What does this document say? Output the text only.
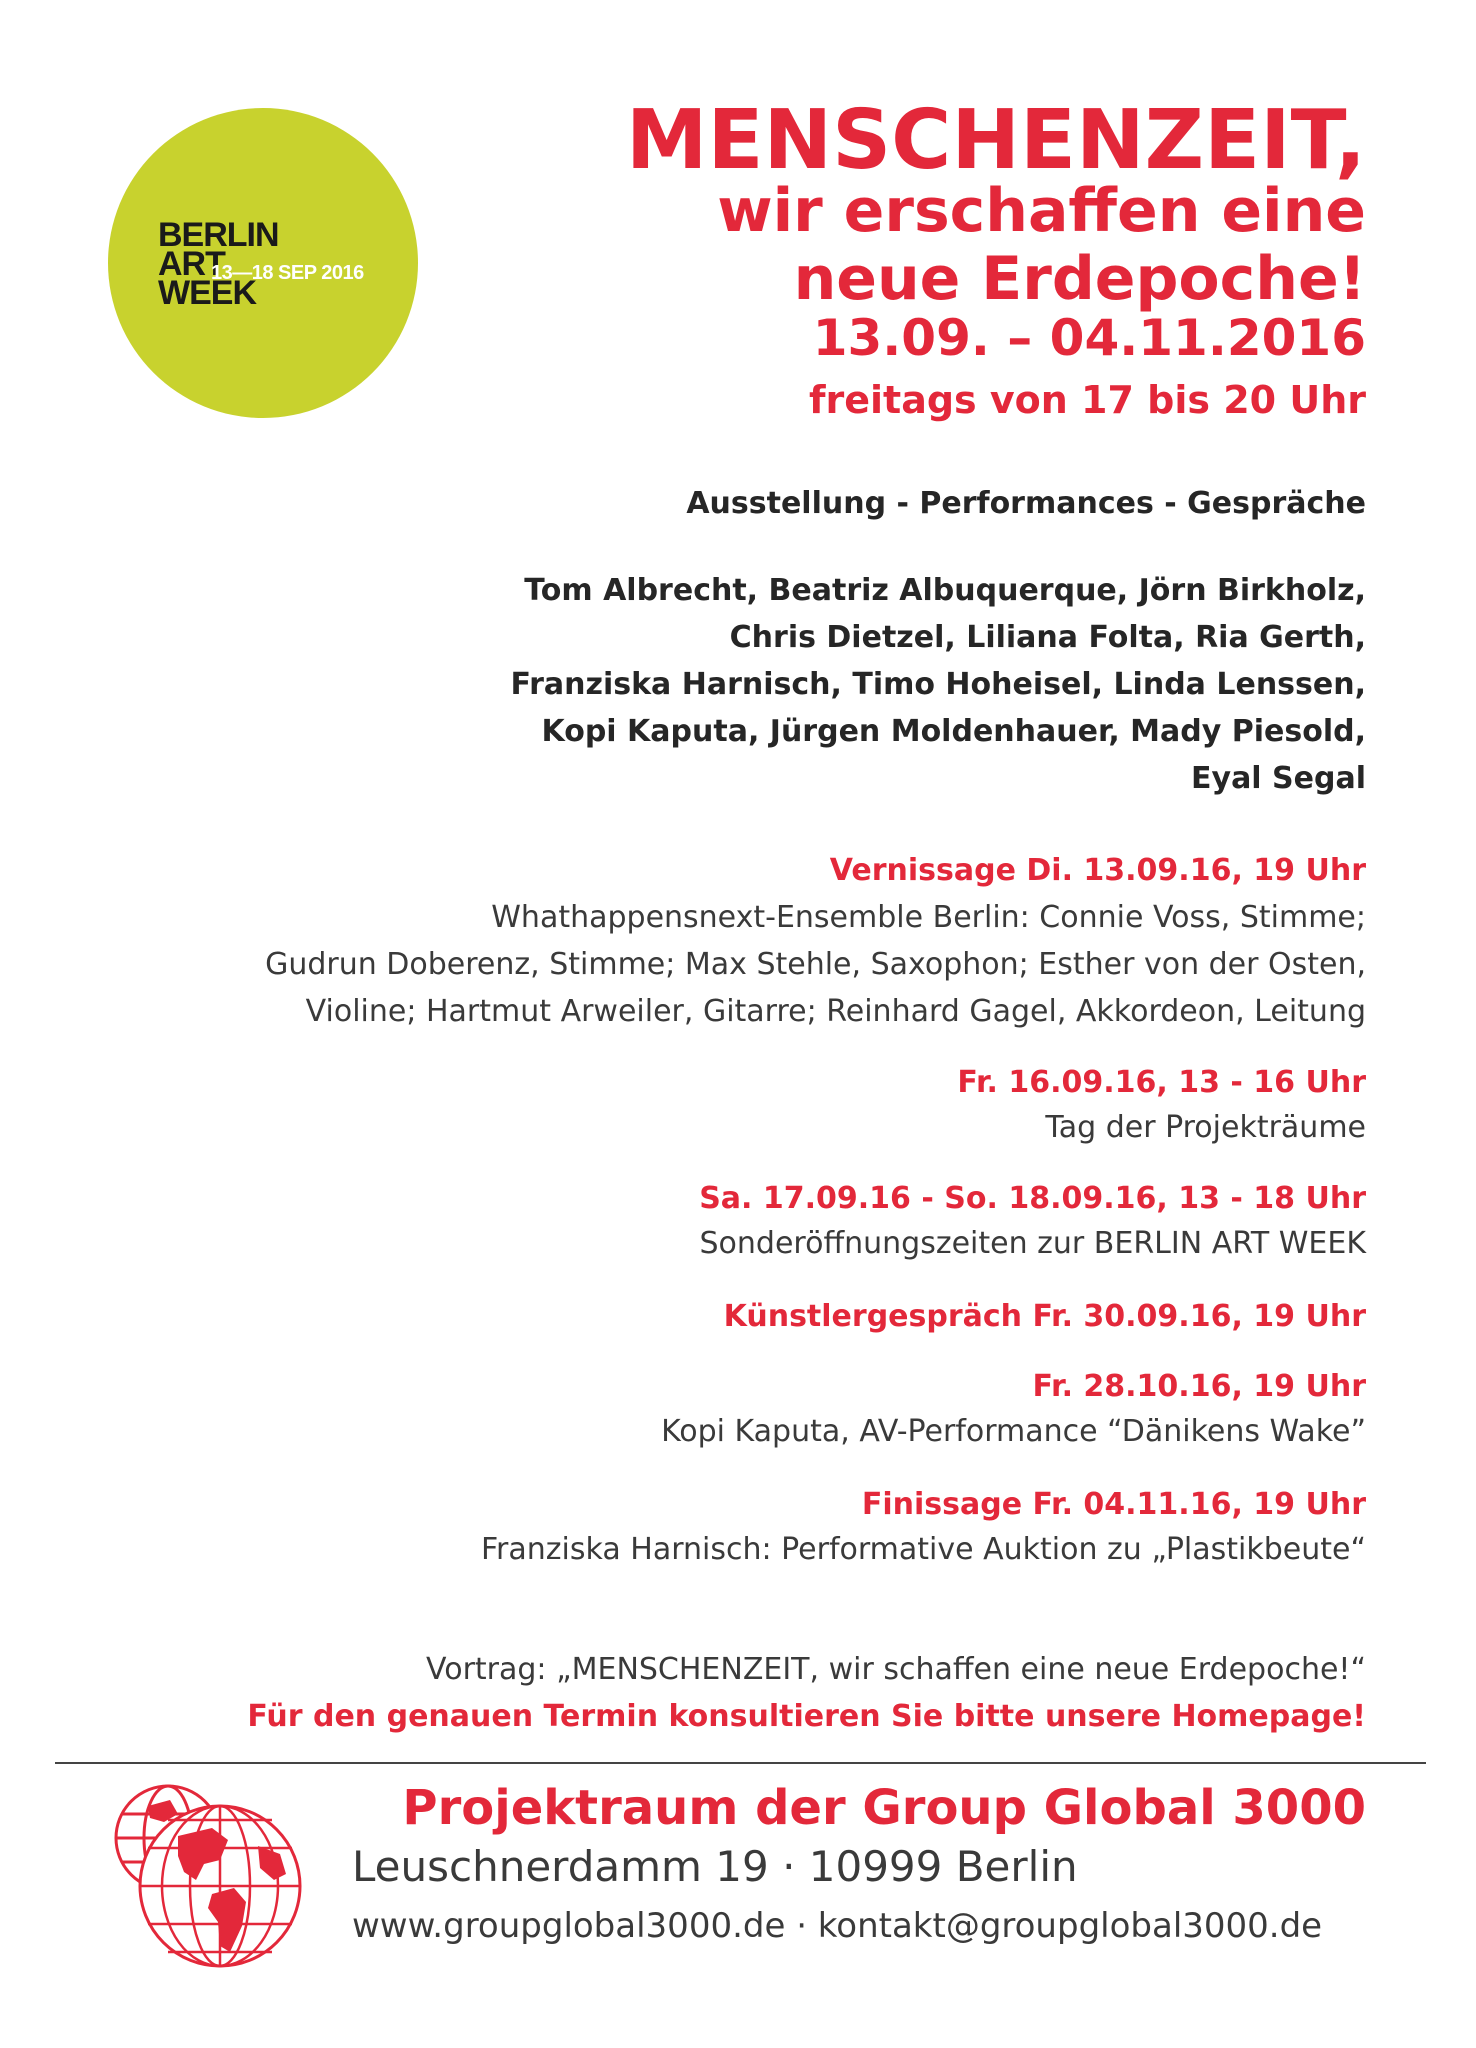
BERLIN
ART
WEEK
13—18 SEP 2016
MENSCHENZEIT,
wir erschaffen eine
neue Erdepoche!
13.09. – 04.11.2016
freitags von 17 bis 20 Uhr
Ausstellung - Performances - Gespräche
Tom Albrecht, Beatriz Albuquerque, Jörn Birkholz,
Chris Dietzel, Liliana Folta, Ria Gerth,
Franziska Harnisch, Timo Hoheisel, Linda Lenssen,
Kopi Kaputa, Jürgen Moldenhauer, Mady Piesold,
Eyal Segal
Vernissage Di. 13.09.16, 19 Uhr
Whathappensnext-Ensemble Berlin: Connie Voss, Stimme;
Gudrun Doberenz, Stimme; Max Stehle, Saxophon; Esther von der Osten,
Violine; Hartmut Arweiler, Gitarre; Reinhard Gagel, Akkordeon, Leitung
Fr. 16.09.16, 13 - 16 Uhr
Tag der Projekträume
Sa. 17.09.16 - So. 18.09.16, 13 - 18 Uhr
Sonderöffnungszeiten zur BERLIN ART WEEK
Künstlergespräch Fr. 30.09.16, 19 Uhr
Fr. 28.10.16, 19 Uhr
Kopi Kaputa, AV-Performance “Dänikens Wake”
Finissage Fr. 04.11.16, 19 Uhr
Franziska Harnisch: Performative Auktion zu „Plastikbeute“
Vortrag: „MENSCHENZEIT, wir schaffen eine neue Erdepoche!“
Für den genauen Termin konsultieren Sie bitte unsere Homepage!
Projektraum der Group Global 3000
Leuschnerdamm 19 · 10999 Berlin
www.groupglobal3000.de · kontakt@groupglobal3000.de
